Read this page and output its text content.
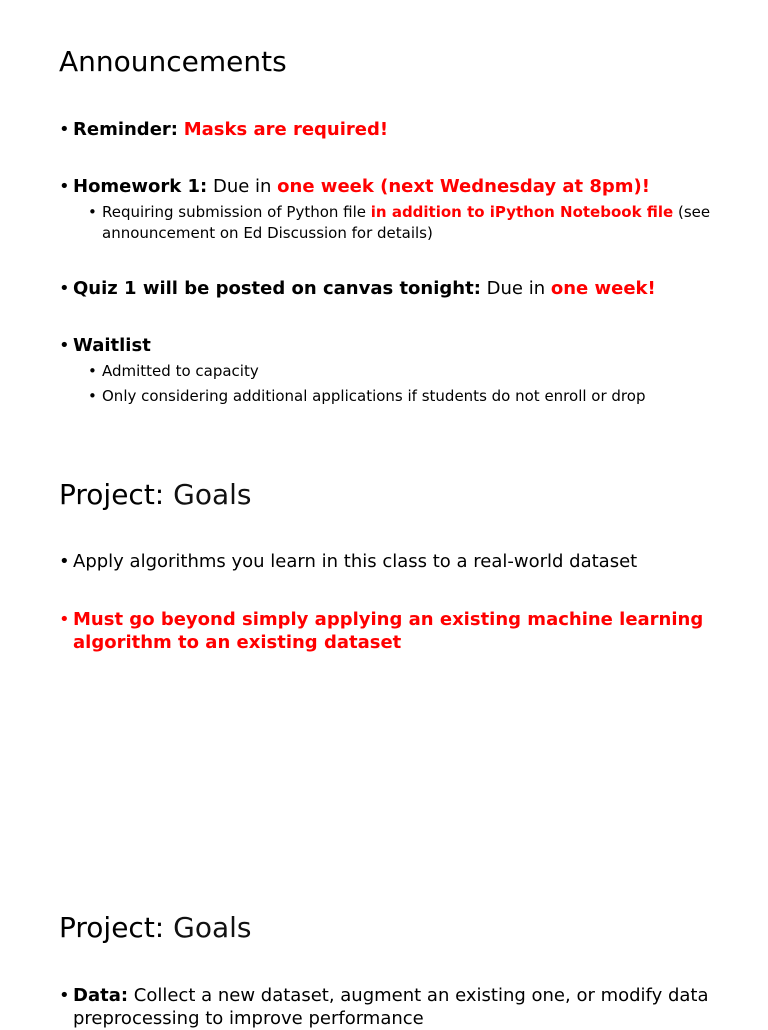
Announcements
• Reminder: Masks are required!
• Homework 1: Due in one week (next Wednesday at 8pm)!
• Requiring submission of Python file in addition to iPython Notebook file (see
announcement on Ed Discussion for details)
• Quiz 1 will be posted on canvas tonight: Due in one week!
• Waitlist
• Admitted to capacity
• Only considering additional applications if students do not enroll or drop
Project: Goals
• Apply algorithms you learn in this class to a real-world dataset
• Must go beyond simply applying an existing machine learning
algorithm to an existing dataset
Project: Goals
• Data: Collect a new dataset, augment an existing one, or modify data
preprocessing to improve performance
